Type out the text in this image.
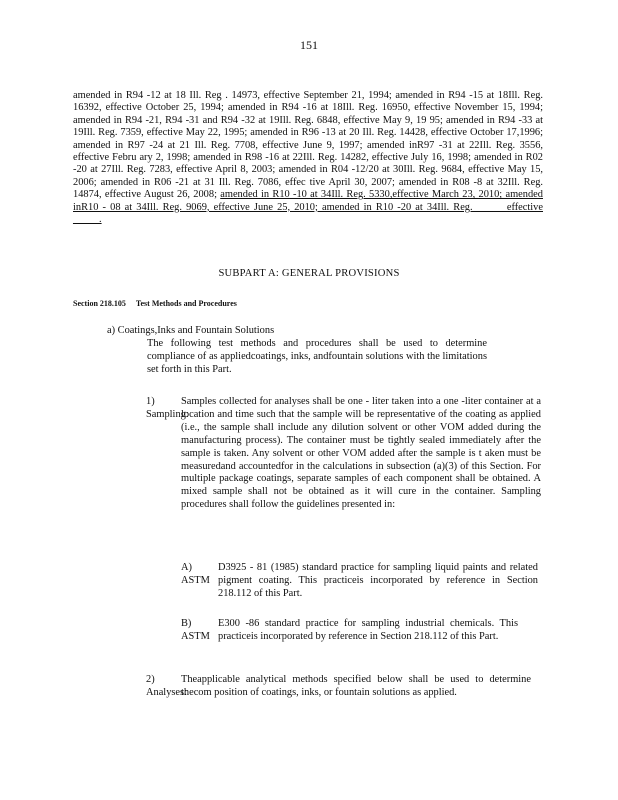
151

amended in R94 -12 at 18 Ill. Reg . 14973, effective September 21, 1994; amended in R94 -15 at 18Ill. Reg. 16392, effective October 25, 1994; amended in R94 -16 at 18Ill. Reg. 16950, effective November 15, 1994; amended in R94 -21, R94 -31 and R94 -32 at 19Ill. Reg. 6848, effective May 9, 19 95; amended in R94 -33 at 19Ill. Reg. 7359, effective May 22, 1995; amended in R96 -13 at 20 Ill. Reg. 14428, effective October 17,1996; amended in R97 -24 at 21 Ill. Reg. 7708, effective June 9, 1997; amended inR97 -31 at 22Ill. Reg. 3556, effective Febru ary 2, 1998; amended in R98 -16 at 22Ill. Reg. 14282, effective July 16, 1998; amended in R02 -20 at 27Ill. Reg. 7283, effective April 8, 2003; amended in R04 -12/20 at 30Ill. Reg. 9684, effective May 15, 2006; amended in R06 -21 at 31 Ill. Reg. 7086, effec tive April 30, 2007; amended in R08 -8 at 32Ill. Reg. 14874, effective August 26, 2008; amended in R10 -10 at 34Ill. Reg. 5330,effective March 23, 2010; amended inR10 - 08 at 34Ill. Reg. 9069, effective June 25, 2010; amended in R10 -20 at 34Ill. Reg. ___ __effective _____.

SUBPART A: GENERAL PROVISIONS
Section 218.105 Test Methods and Procedures
a) Coatings,Inks and Fountain Solutions
The following test methods and procedures shall be used to determine compliance of as appliedcoatings, inks, andfountain solutions with the limitations set forth in this Part.
1) Sampling:
Samples collected for analyses shall be one - liter taken into a one -liter container at a location and time such that the sample will be representative of the coating as applied (i.e., the sample shall include any dilution solvent or other VOM added during the manufacturing process). The container must be tightly sealed immediately after the sample is taken. Any solvent or other VOM added after the sample is t aken must be measuredand accountedfor in the calculations in subsection (a)(3) of this Section. For multiple package coatings, separate samples of each component shall be obtained. A mixed sample shall not be obtained as it will cure in the container. Sampling procedures shall follow the guidelines presented in:
A) ASTM
D3925 - 81 (1985) standard practice for sampling liquid paints and related pigment coating. This practiceis incorporated by reference in Section 218.112 of this Part.
B) ASTM
E300 -86 standard practice for sampling industrial chemicals. This practiceis incorporated by reference in Section 218.112 of this Part.
2) Analyses:
Theapplicable analytical methods specified below shall be used to determine thecom position of coatings, inks, or fountain solutions as applied.
